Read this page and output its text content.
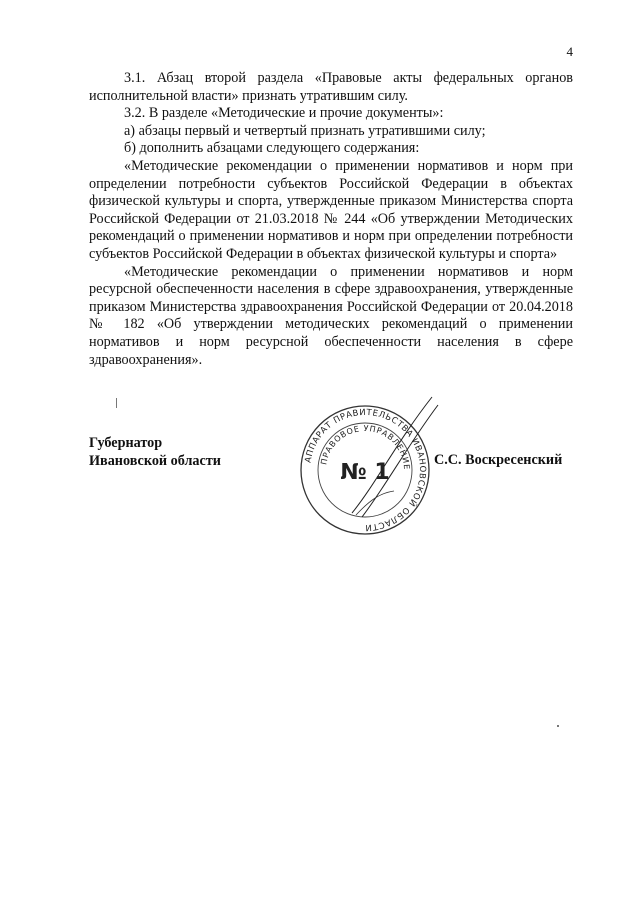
4

3.1. Абзац второй раздела «Правовые акты федеральных органов исполнительной власти» признать утратившим силу.

3.2. В разделе «Методические и прочие документы»:

а) абзацы первый и четвертый признать утратившими силу;

б) дополнить абзацами следующего содержания:

«Методические рекомендации о применении нормативов и норм при определении потребности субъектов Российской Федерации в объектах физической культуры и спорта, утвержденные приказом Министерства спорта Российской Федерации от 21.03.2018 № 244 «Об утверждении Методических рекомендаций о применении нормативов и норм при определении потребности субъектов Российской Федерации в объектах физической культуры и спорта»

«Методические рекомендации о применении нормативов и норм ресурсной обеспеченности населения в сфере здравоохранения, утвержденные приказом Министерства здравоохранения Российской Федерации от 20.04.2018 № 182 «Об утверждении методических рекомендаций о применении нормативов и норм ресурсной обеспеченности населения в сфере здравоохранения».

Губернатор
Ивановской области	АППАРАТ ПРАВИТЕЛЬСТВА ИВАНОВСКОЙ ОБЛАСТИ
ПРАВОВОЕ УПРАВЛЕНИЕ
№ 1	С.С. Воскресенский
